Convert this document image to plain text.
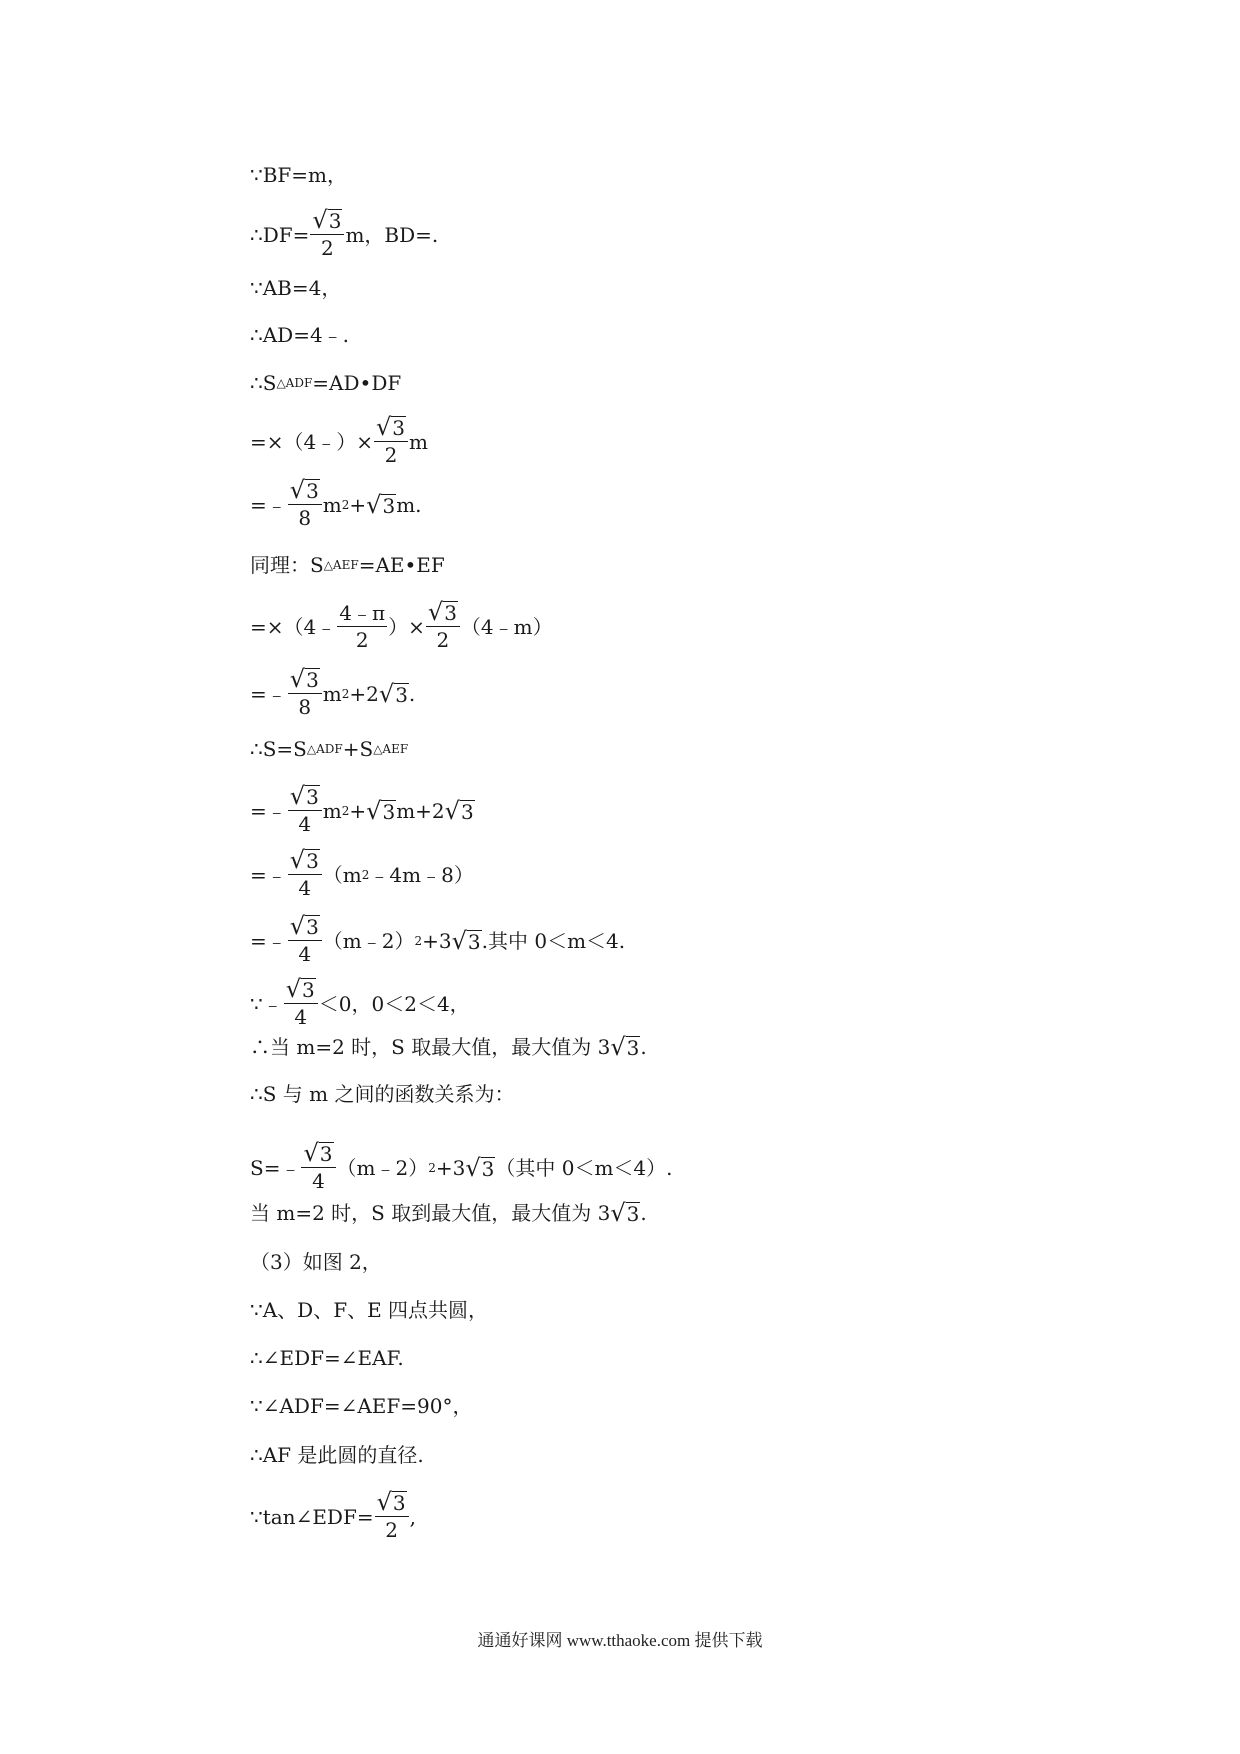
∵BF=m，
∴DF= $\frac{√ 3}{2}$ m，BD=.
∵AB=4，
∴AD=4﹣.
∴S △ADF =AD•DF
=×（4﹣）× $\frac{√ 3}{2}$ m
=﹣ $\frac{√ 3}{8}$ m 2 + √ 3 m.
同理：S △AEF =AE•EF
=×（4﹣ $\frac{4﹣\pi}{2}$ ）× $\frac{√ 3}{2}$ （4﹣m）
=﹣ $\frac{√ 3}{8}$ m 2 +2 √ 3 .
∴S=S △ADF +S △AEF
=﹣ $\frac{√ 3}{4}$ m 2 + √ 3 m+2 √ 3
=﹣ $\frac{√ 3}{4} (m$ 2 ﹣4m﹣8）
=﹣ $\frac{√ 3}{4}$ （m﹣2） 2 +3 √ 3 .其中 0＜m＜4.
∵﹣ $\frac{√ 3}{4} <0$，0＜2＜4，
∴当 m=2 时，S 取最大值，最大值为 3 √ 3 .
∴S 与 m 之间的函数关系为：
S=﹣ $\frac{√ 3}{4}$ （m﹣2） 2 +3 √ 3 （其中 0＜m＜4）.
当 m=2 时，S 取到最大值，最大值为 3 √ 3 .
（3）如图 2，
∵A、D、F、E 四点共圆，
∴∠EDF=∠EAF.
∵∠ADF=∠AEF=90°，
∴AF 是此圆的直径.
∵tan∠EDF= $\frac{√ 3}{2}$ ,
通通好课网 www.tthaoke.com 提供下载
